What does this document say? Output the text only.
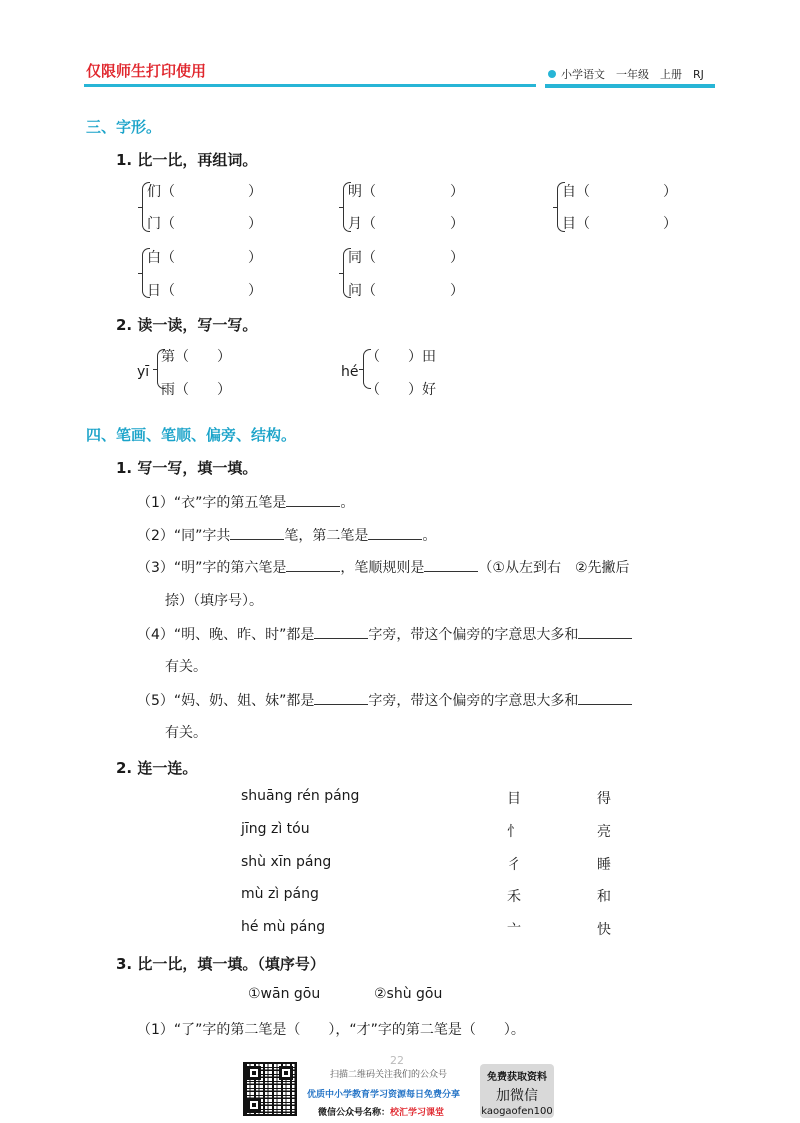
仅限师生打印使用	小学语文　一年级　上册　RJ
三、字形。
1. 比一比，再组词。
们（	）
门（	）
明（	）
月（	）
自（	）
目（	）
白（	）
日（	）
同（	）
问（	）
2. 读一读，写一写。
yī
第（　　）
雨（　　）
hé
（　　）田
（　　）好
四、笔画、笔顺、偏旁、结构。
1. 写一写，填一填。
（1）“衣”字的第五笔是	。
（2）“同”字共	笔，第二笔是	。
（3）“明”字的第六笔是	，笔顺规则是	（①从左到右　②先撇后
捺）（填序号）。
（4）“明、晚、昨、时”都是	字旁，带这个偏旁的字意思大多和
有关。
（5）“妈、奶、姐、妹”都是	字旁，带这个偏旁的字意思大多和
有关。
2. 连一连。
shuāng rén páng	目	得
jīng zì tóu	忄	亮
shù xīn páng	彳	睡
mù zì páng	禾	和
hé mù páng	亠	快
3. 比一比，填一填。（填序号）
①wān gōu	②shù gōu
（1）“了”字的第二笔是（　　），“才”字的第二笔是（　　）。
22
扫描二维码关注我们的公众号
优质中小学教育学习资源每日免费分享
微信公众号名称：校汇学习课堂
免费获取资料
加微信
kaogaofen100
